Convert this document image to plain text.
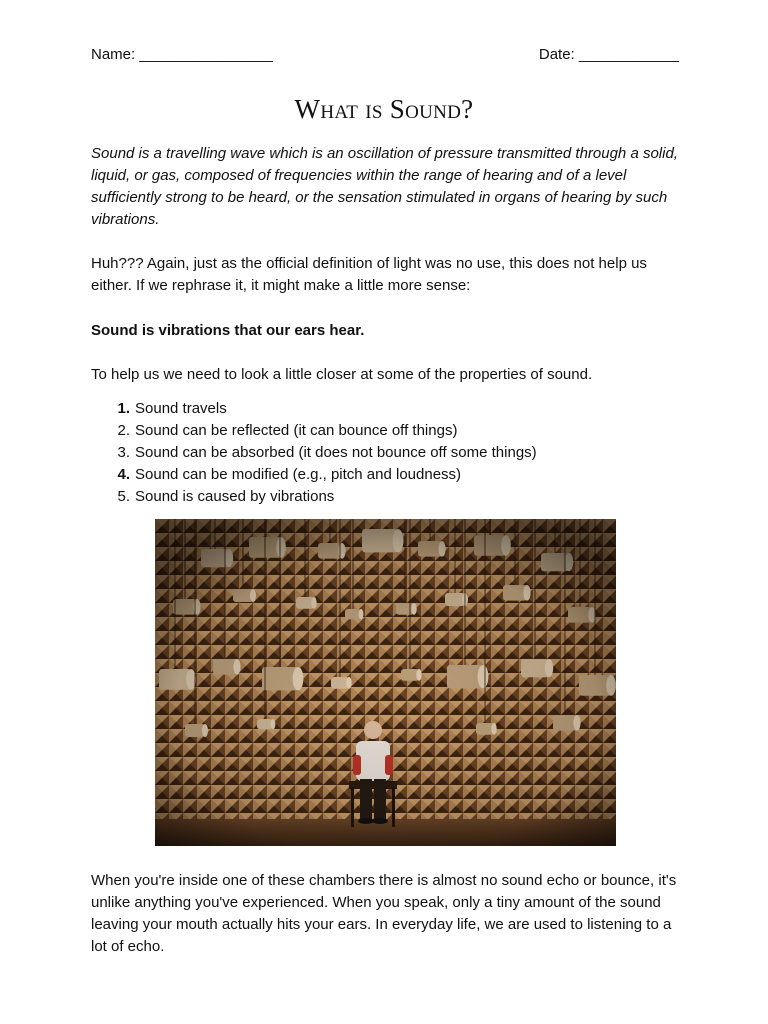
Name: ________________	Date: ____________
What is Sound?

Sound is a travelling wave which is an oscillation of pressure transmitted through a solid, liquid, or gas, composed of frequencies within the range of hearing and of a level sufficiently strong to be heard, or the sensation stimulated in organs of hearing by such vibrations.

Huh??? Again, just as the official definition of light was no use, this does not help us either. If we rephrase it, it might make a little more sense:

Sound is vibrations that our ears hear.

To help us we need to look a little closer at some of the properties of sound.

1. Sound travels
2. Sound can be reflected (it can bounce off things)
3. Sound can be absorbed (it does not bounce off some things)
4. Sound can be modified (e.g., pitch and loudness)
5. Sound is caused by vibrations

When you're inside one of these chambers there is almost no sound echo or bounce, it's unlike anything you've experienced. When you speak, only a tiny amount of the sound leaving your mouth actually hits your ears. In everyday life, we are used to listening to a lot of echo.
